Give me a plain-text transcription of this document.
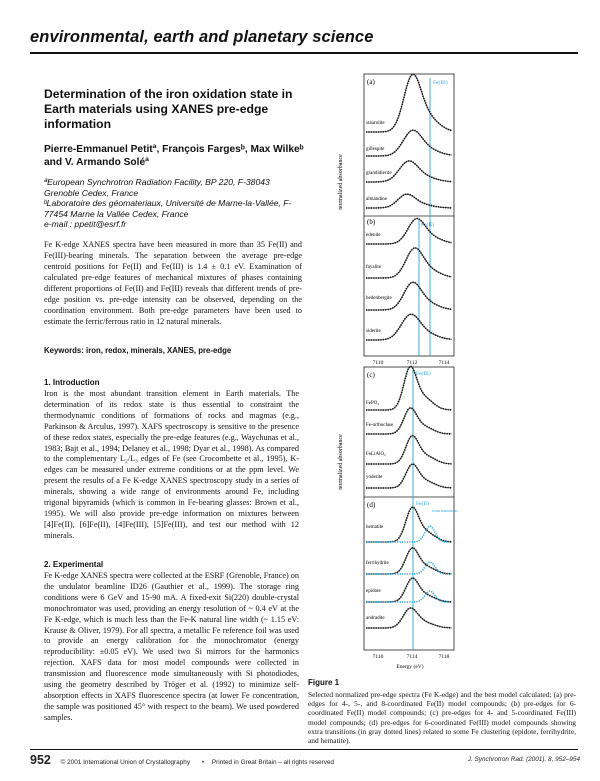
environmental, earth and planetary science
Determination of the iron oxidation state in Earth materials using XANES pre-edge information
Pierre-Emmanuel Petitª, François Fargesᵇ, Max Wilkeᵇ and V. Armando Soléª
ªEuropean Synchrotron Radiation Facility, BP 220, F-38043 Grenoble Cedex, France
ᵇLaboratoire des géomateriaux, Université de Marne-la-Vallée, F-77454 Marne la Vallée Cedex, France
e-mail : ppetit@esrf.fr
Fe K-edge XANES spectra have been measured in more than 35 Fe(II) and Fe(III)-bearing minerals. The separation between the average pre-edge centroid positions for Fe(II) and Fe(III) is 1.4 ± 0.1 eV. Examination of calculated pre-edge features of mechanical mixtures of phases containing different proportions of Fe(II) and Fe(III) reveals that different trends of pre-edge position vs. pre-edge intensity can be observed, depending on the coordination environment. Both pre-edge parameters have been used to estimate the ferric/ferrous ratio in 12 natural minerals.
Keywords: iron, redox, minerals, XANES, pre-edge
1. Introduction
Iron is the most abundant transition element in Earth materials. The determination of its redox state is thus essential to constraint the thermodynamic conditions of formations of rocks and magmas (e.g., Parkinson & Arculus, 1997). XAFS spectroscopy is sensitive to the presence of these redox states, especially the pre-edge features (e.g., Waychunas et al., 1983; Bajt et al., 1994; Delaney et al., 1998; Dyar et al., 1998). As compared to the complementary L₂/L₃ edges of Fe (see Crocombette et al., 1995), K-edges can be measured under extreme conditions or at the ppm level. We present the results of a Fe K-edge XANES spectroscopy study in a series of minerals, showing a wide range of environments around Fe, including trigonal bipyramids (which is common in Fe-bearing glasses: Brown et al., 1995). We will also provide pre-edge information on mixtures between [4]Fe(II), [6]Fe(II), [4]Fe(III), [5]Fe(III), and test our method with 12 minerals.
2. Experimental
Fe K-edge XANES spectra were collected at the ESRF (Grenoble, France) on the undulator beamline ID26 (Gauthier et al., 1999). The storage ring conditions were 6 GeV and 15-90 mA. A fixed-exit Si(220) double-crystal monochromator was used, providing an energy resolution of ~ 0.4 eV at the Fe K-edge, which is much less than the Fe-K natural line width (~ 1.15 eV: Krause & Oliver, 1979). For all spectra, a metallic Fe reference foil was used to provide an energy calibration for the monochromator (energy reproducibility: ±0.05 eV). We used two Si mirrors for the harmonics rejection. XAFS data for most model compounds were collected in transmission and fluorescence mode simultaneously with Si photodiodes, using the geometry described by Tröger et al. (1992) to minimize self-absorption effects in XAFS fluorescence spectra (at lower Fe concentration, the sample was positioned 45° with respect to the beam). We used powdered samples.
normalized absorbance
normalized absorbance
Fe(III)
Fe(II)
Fe(III)
Fe(II)
extra transitions
(a)
(b)
(c)
(d)
staurolite
gillespite
grandidierite
almandine
edenite
fayalite
hedenbergite
siderite
FePO₄
Fe-orthoclase
FeLiAlO₂
yoderite
hematite
ferrihydrite
epidote
andradite
7110	7112	7114
7110	7114	7118
Energy (eV)
Figure 1
Selected normalized pre-edge spectra (Fe K-edge) and the best model calculated; (a) pre-edges for 4-, 5-, and 8-coordinated Fe(II) model compounds; (b) pre-edges for 6-coordinated Fe(II) model compounds; (c) pre-edges for 4- and 5-coordinated Fe(III) model compounds; (d) pre-edges for 6-coordinated Fe(III) model compounds showing extra transitions (in gray dotted lines) related to some Fe clustering (epidote, ferrihydrite, and hematite).
952 © 2001 International Union of Crystallography • Printed in Great Britain – all rights reserved	J. Synchrotron Rad. (2001). 8, 952–954
